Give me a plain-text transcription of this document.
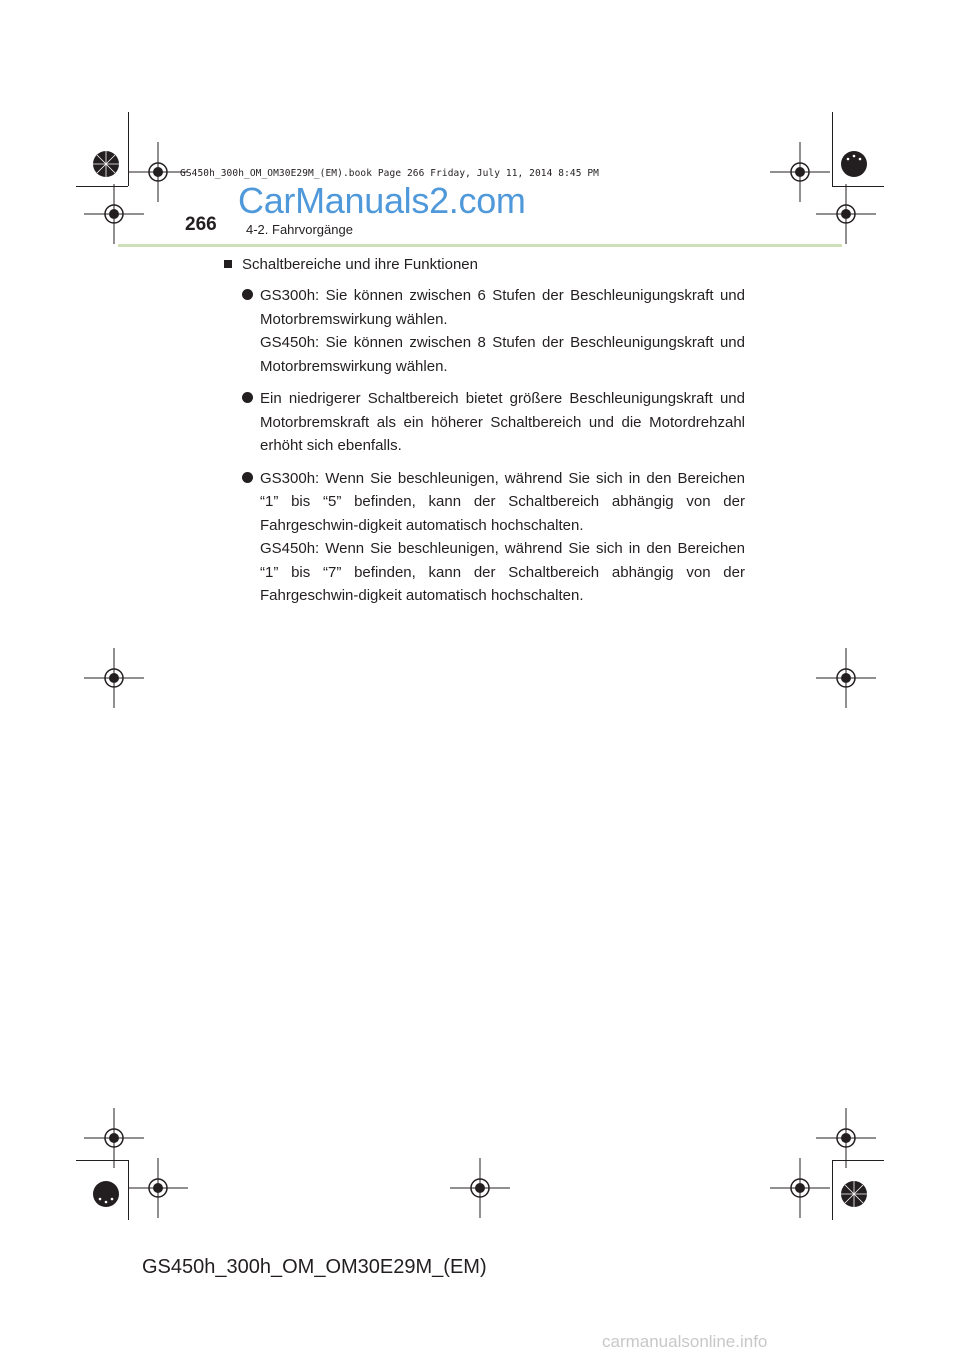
GS450h_300h_OM_OM30E29M_(EM).book Page 266 Friday, July 11, 2014 8:45 PM
CarManuals2.com
266 4-2. Fahrvorgänge
Schaltbereiche und ihre Funktionen

GS300h: Sie können zwischen 6 Stufen der Beschleunigungskraft und Motorbremswirkung wählen.

GS450h: Sie können zwischen 8 Stufen der Beschleunigungskraft und Motorbremswirkung wählen.

Ein niedrigerer Schaltbereich bietet größere Beschleunigungskraft und Motorbremskraft als ein höherer Schaltbereich und die Motordrehzahl erhöht sich ebenfalls.

GS300h: Wenn Sie beschleunigen, während Sie sich in den Bereichen “1” bis “5” befinden, kann der Schaltbereich abhängig von der Fahrgeschwin-digkeit automatisch hochschalten.

GS450h: Wenn Sie beschleunigen, während Sie sich in den Bereichen “1” bis “7” befinden, kann der Schaltbereich abhängig von der Fahrgeschwin-digkeit automatisch hochschalten.

GS450h_300h_OM_OM30E29M_(EM)
carmanualsonline.info
